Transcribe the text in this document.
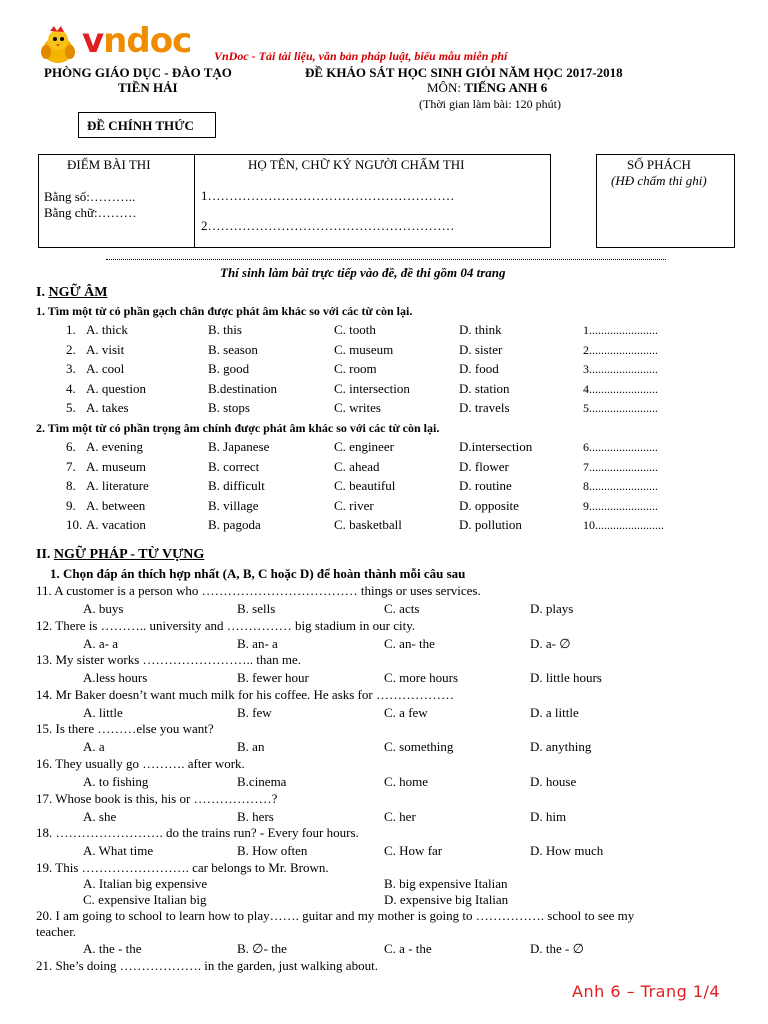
vndoc VnDoc - Tải tài liệu, văn bản pháp luật, biểu mẫu miễn phí
PHÒNG GIÁO DỤC - ĐÀO TẠO
TIỀN HẢI
ĐỀ KHẢO SÁT HỌC SINH GIỎI NĂM HỌC 2017-2018
MÔN: TIẾNG ANH 6
(Thời gian làm bài: 120 phút)
ĐỀ CHÍNH THỨC
ĐIỂM BÀI THI
Bằng số:………..
Bằng chữ:………
HỌ TÊN, CHỮ KÝ NGƯỜI CHẤM THI
1…………………………………………………
2…………………………………………………
SỐ PHÁCH
(HĐ chấm thi ghi)
Thí sinh làm bài trực tiếp vào đề, đề thi gồm 04 trang
I. NGỮ ÂM
1. Tìm một từ có phần gạch chân được phát âm khác so với các từ còn lại.
1. A. thick	B. this	C. tooth	D. think	1.......................
2. A. visit	B. season	C. museum	D. sister	2.......................
3. A. cool	B. good	C. room	D. food	3.......................
4. A. question	B.destination	C. intersection	D. station	4.......................
5. A. takes	B. stops	C. writes	D. travels	5.......................
2. Tìm một từ có phần trọng âm chính được phát âm khác so với các từ còn lại.
6. A. evening	B. Japanese	C. engineer	D.intersection	6.......................
7. A. museum	B. correct	C. ahead	D. flower	7.......................
8. A. literature	B. difficult	C. beautiful	D. routine	8.......................
9. A. between	B. village	C. river	D. opposite	9.......................
10. A. vacation	B. pagoda	C. basketball	D. pollution	10.......................
II. NGỮ PHÁP - TỪ VỰNG
1. Chọn đáp án thích hợp nhất (A, B, C hoặc D) để hoàn thành mỗi câu sau
11. A customer is a person who ……………………………… things or uses services.
A. buys	B. sells	C. acts	D. plays
12. There is ……….. university and …………… big stadium in our city.
A. a- a	B. an- a	C. an- the	D. a- ∅
13. My sister works …………………….. than me.
A.less hours	B. fewer hour	C. more hours	D. little hours
14. Mr Baker doesn’t want much milk for his coffee. He asks for ………………
A. little	B. few	C. a few	D. a little
15. Is there ………else you want?
A. a	B. an	C. something	D. anything
16. They usually go ………. after work.
A. to fishing	B.cinema	C. home	D. house
17. Whose book is this, his or ………………?
A. she	B. hers	C. her	D. him
18. ……………………. do the trains run? - Every four hours.
A. What time	B. How often	C. How far	D. How much
19. This ……………………. car belongs to Mr. Brown.
A. Italian big expensive	B. big expensive Italian
C. expensive Italian big	D. expensive big Italian
20. I am going to school to learn how to play……. guitar and my mother is going to ……………. school to see my
teacher.
A. the - the	B. ∅- the	C. a - the	D. the - ∅
21. She’s doing ………………. in the garden, just walking about.
Anh 6 – Trang 1/4
